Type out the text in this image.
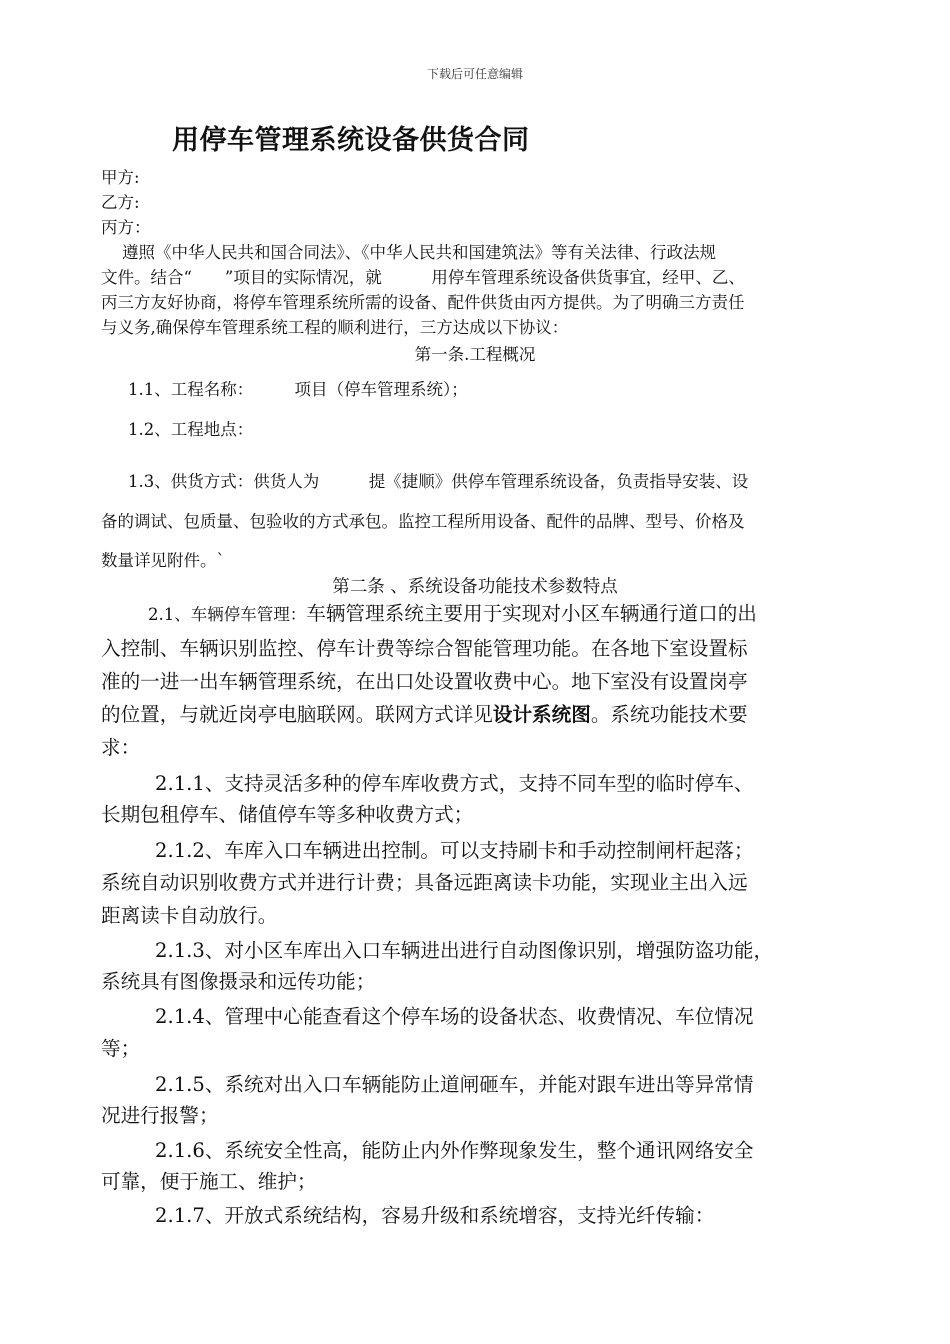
下载后可任意编辑
用停车管理系统设备供货合同
甲方:
乙方:
丙方：
遵照《中华人民共和国合同法》、《中华人民共和国建筑法》等有关法律、行政法规
文件。结合“　　”项目的实际情况，就　　　用停车管理系统设备供货事宜，经甲、乙、
丙三方友好协商，将停车管理系统所需的设备、配件供货由丙方提供。为了明确三方责任
与义务,确保停车管理系统工程的顺利进行，三方达成以下协议：
第一条.工程概况
1.1、工程名称：　　　项目（停车管理系统）；
1.2、工程地点：
1.3、供货方式：供货人为　　　提《捷顺》供停车管理系统设备，负责指导安装、设
备的调试、包质量、包验收的方式承包。监控工程所用设备、配件的品牌、型号、价格及
数量详见附件。`
第二条 、系统设备功能技术参数特点
2.1、车辆停车管理：车辆管理系统主要用于实现对小区车辆通行道口的出
入控制、车辆识别监控、停车计费等综合智能管理功能。在各地下室设置标
准的一进一出车辆管理系统，在出口处设置收费中心。地下室没有设置岗亭
的位置，与就近岗亭电脑联网。联网方式详见设计系统图。系统功能技术要
求：
2.1.1、支持灵活多种的停车库收费方式，支持不同车型的临时停车、
长期包租停车、储值停车等多种收费方式；
2.1.2、车库入口车辆进出控制。可以支持刷卡和手动控制闸杆起落；
系统自动识别收费方式并进行计费；具备远距离读卡功能，实现业主出入远
距离读卡自动放行。
2.1.3、对小区车库出入口车辆进出进行自动图像识别，增强防盗功能，
系统具有图像摄录和远传功能；
2.1.4、管理中心能查看这个停车场的设备状态、收费情况、车位情况
等；
2.1.5、系统对出入口车辆能防止道闸砸车，并能对跟车进出等异常情
况进行报警；
2.1.6、系统安全性高，能防止内外作弊现象发生，整个通讯网络安全
可靠，便于施工、维护；
2.1.7、开放式系统结构，容易升级和系统增容，支持光纤传输：
